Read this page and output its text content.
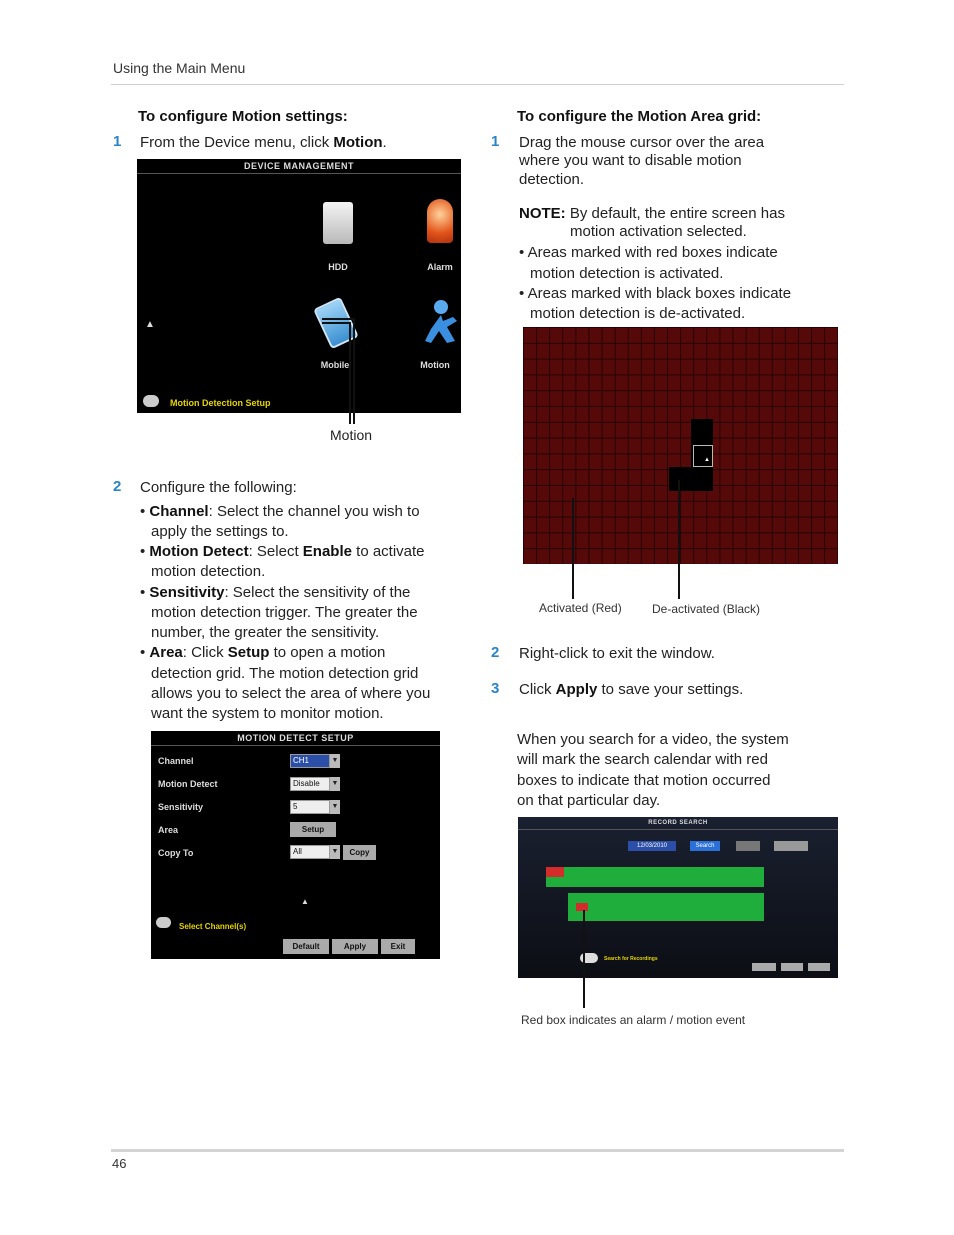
Using the Main Menu
To configure Motion settings:
1 From the Device menu, click Motion.
DEVICE MANAGEMENT
HDD	Alarm
Mobile	Motion
▲
Motion Detection Setup
Motion
2 Configure the following:
• Channel: Select the channel you wish to
apply the settings to.
• Motion Detect: Select Enable to activate
motion detection.
• Sensitivity: Select the sensitivity of the
motion detection trigger. The greater the
number, the greater the sensitivity.
• Area: Click Setup to open a motion
detection grid. The motion detection grid
allows you to select the area of where you
want the system to monitor motion.
MOTION DETECT SETUP
Channel	CH1	▼
Motion Detect	Disable	▼
Sensitivity	5	▼
Area	Setup
Copy To	All	▼	Copy
▲
Select Channel(s)
Default	Apply	Exit
To configure the Motion Area grid:
1 Drag the mouse cursor over the area
where you want to disable motion
detection.
NOTE: By default, the entire screen has
motion activation selected.
• Areas marked with red boxes indicate
motion detection is activated.
• Areas marked with black boxes indicate
motion detection is de-activated.
▲
Activated (Red)	De-activated (Black)
2 Right-click to exit the window.
3 Click Apply to save your settings.
When you search for a video, the system
will mark the search calendar with red
boxes to indicate that motion occurred
on that particular day.
RECORD SEARCH
12/03/2010	Search
Search for Recordings
Red box indicates an alarm / motion event
46
